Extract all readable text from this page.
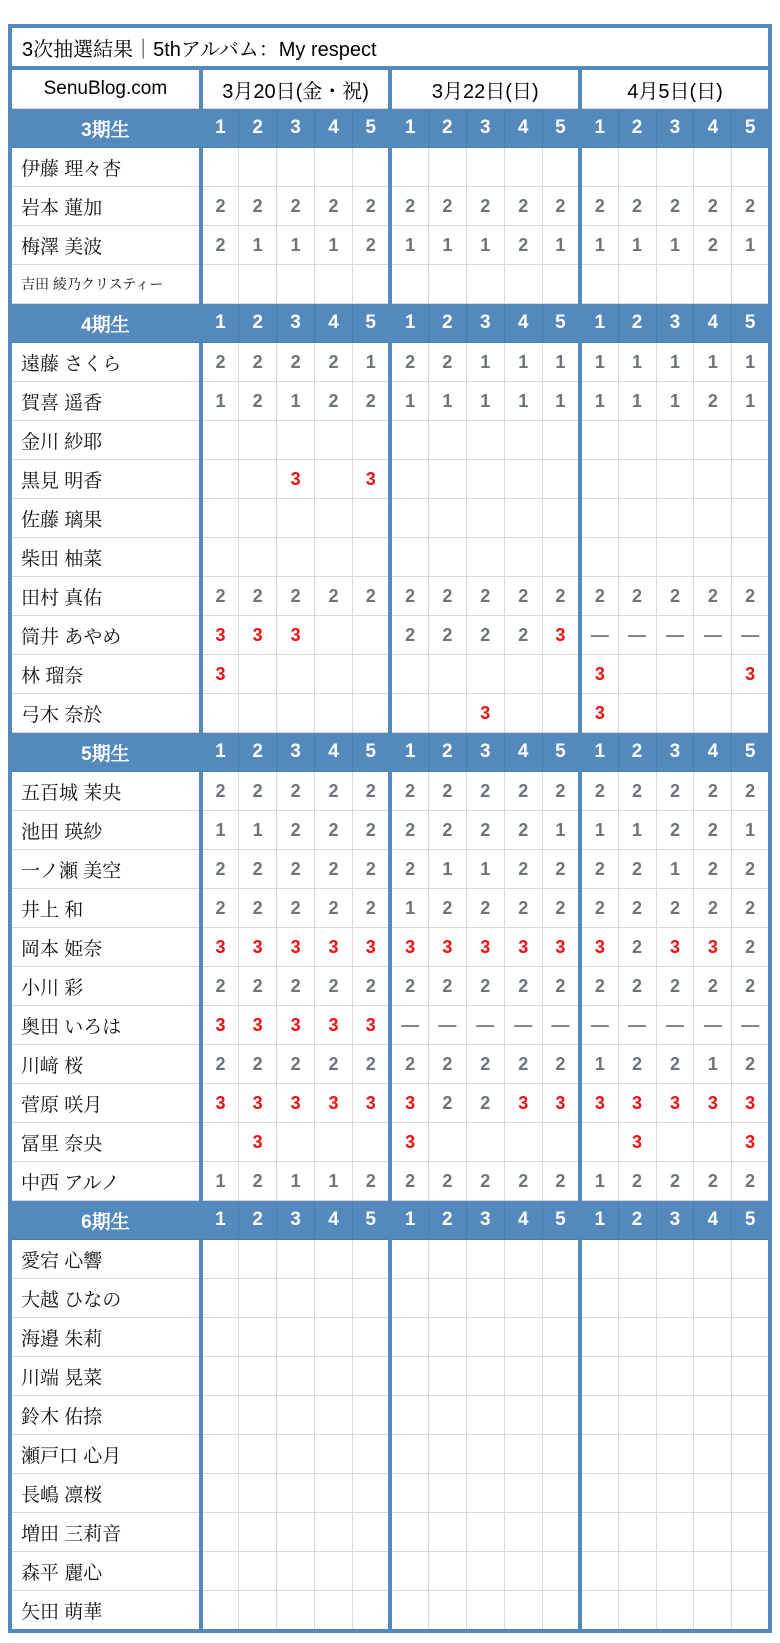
3次抽選結果｜5thアルバム：My respect															
SenuBlog.com	3月20日(金・祝)					3月22日(日)					4月5日(日)				
3期生	1	2	3	4	5	1	2	3	4	5	1	2	3	4	5
伊藤 理々杏															
岩本 蓮加	2	2	2	2	2	2	2	2	2	2	2	2	2	2	2
梅澤 美波	2	1	1	1	2	1	1	1	2	1	1	1	1	2	1
吉田 綾乃クリスティー															
4期生	1	2	3	4	5	1	2	3	4	5	1	2	3	4	5
遠藤 さくら	2	2	2	2	1	2	2	1	1	1	1	1	1	1	1
賀喜 遥香	1	2	1	2	2	1	1	1	1	1	1	1	1	2	1
金川 紗耶															
黒見 明香			3		3										
佐藤 璃果															
柴田 柚菜															
田村 真佑	2	2	2	2	2	2	2	2	2	2	2	2	2	2	2
筒井 あやめ	3	3	3			2	2	2	2	3	—	—	—	—	—
林 瑠奈	3										3				3
弓木 奈於								3			3				
5期生	1	2	3	4	5	1	2	3	4	5	1	2	3	4	5
五百城 茉央	2	2	2	2	2	2	2	2	2	2	2	2	2	2	2
池田 瑛紗	1	1	2	2	2	2	2	2	2	1	1	1	2	2	1
一ノ瀬 美空	2	2	2	2	2	2	1	1	2	2	2	2	1	2	2
井上 和	2	2	2	2	2	1	2	2	2	2	2	2	2	2	2
岡本 姫奈	3	3	3	3	3	3	3	3	3	3	3	2	3	3	2
小川 彩	2	2	2	2	2	2	2	2	2	2	2	2	2	2	2
奥田 いろは	3	3	3	3	3	—	—	—	—	—	—	—	—	—	—
川﨑 桜	2	2	2	2	2	2	2	2	2	2	1	2	2	1	2
菅原 咲月	3	3	3	3	3	3	2	2	3	3	3	3	3	3	3
冨里 奈央		3				3						3			3
中西 アルノ	1	2	1	1	2	2	2	2	2	2	1	2	2	2	2
6期生	1	2	3	4	5	1	2	3	4	5	1	2	3	4	5
愛宕 心響															
大越 ひなの															
海邉 朱莉															
川端 晃菜															
鈴木 佑捺															
瀬戸口 心月															
長嶋 凛桜															
増田 三莉音															
森平 麗心															
矢田 萌華															
